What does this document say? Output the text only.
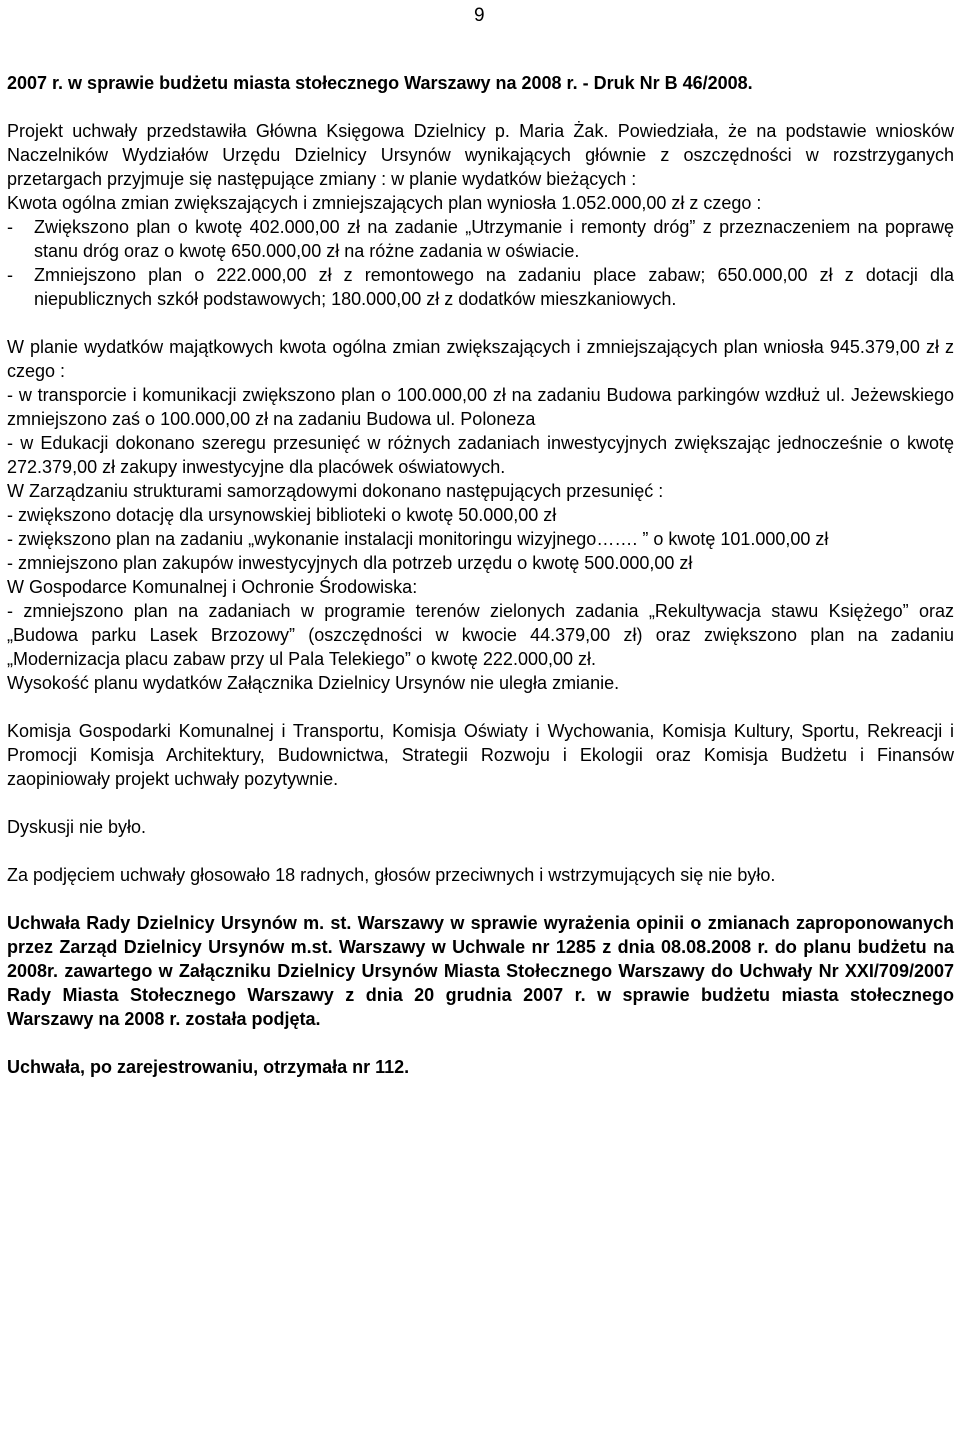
9

2007 r. w sprawie budżetu miasta stołecznego Warszawy na 2008 r. - Druk Nr B 46/2008.

Projekt uchwały przedstawiła Główna Księgowa Dzielnicy p. Maria Żak. Powiedziała, że na podstawie wniosków Naczelników Wydziałów Urzędu Dzielnicy Ursynów wynikających głównie z oszczędności w rozstrzyganych przetargach przyjmuje się następujące zmiany : w planie wydatków bieżących :

Kwota ogólna zmian zwiększających i zmniejszających plan wyniosła 1.052.000,00 zł z czego :

-	Zwiększono plan o kwotę 402.000,00 zł na zadanie „Utrzymanie i remonty dróg” z przeznaczeniem na poprawę stanu dróg oraz o kwotę 650.000,00 zł na różne zadania w oświacie.
-	Zmniejszono plan o 222.000,00 zł z remontowego na zadaniu place zabaw; 650.000,00 zł z dotacji dla niepublicznych szkół podstawowych; 180.000,00 zł z dodatków mieszkaniowych.

W planie wydatków majątkowych kwota ogólna zmian zwiększających i zmniejszających plan wniosła 945.379,00 zł z czego :

- w transporcie i komunikacji zwiększono plan o 100.000,00 zł na zadaniu Budowa parkingów wzdłuż ul. Jeżewskiego zmniejszono zaś o 100.000,00 zł na zadaniu Budowa ul. Poloneza

- w Edukacji dokonano szeregu przesunięć w różnych zadaniach inwestycyjnych zwiększając jednocześnie o kwotę 272.379,00 zł zakupy inwestycyjne dla placówek oświatowych.

W Zarządzaniu strukturami samorządowymi dokonano następujących przesunięć :

- zwiększono dotację dla ursynowskiej biblioteki o kwotę 50.000,00 zł

- zwiększono plan na zadaniu „wykonanie instalacji monitoringu wizyjnego……. ” o kwotę 101.000,00 zł

- zmniejszono plan zakupów inwestycyjnych dla potrzeb urzędu o kwotę 500.000,00 zł

W Gospodarce Komunalnej i Ochronie Środowiska:

- zmniejszono plan na zadaniach w programie terenów zielonych zadania „Rekultywacja stawu Księżego” oraz „Budowa parku Lasek Brzozowy” (oszczędności w kwocie 44.379,00 zł) oraz zwiększono plan na zadaniu „Modernizacja placu zabaw przy ul Pala Telekiego” o kwotę 222.000,00 zł.

Wysokość planu wydatków Załącznika Dzielnicy Ursynów nie uległa zmianie.

Komisja Gospodarki Komunalnej i Transportu, Komisja Oświaty i Wychowania, Komisja Kultury, Sportu, Rekreacji i Promocji Komisja Architektury, Budownictwa, Strategii Rozwoju i Ekologii oraz Komisja Budżetu i Finansów zaopiniowały projekt uchwały pozytywnie.

Dyskusji nie było.

Za podjęciem uchwały głosowało 18 radnych, głosów przeciwnych i wstrzymujących się nie było.

Uchwała Rady Dzielnicy Ursynów m. st. Warszawy w sprawie wyrażenia opinii o zmianach zaproponowanych przez Zarząd Dzielnicy Ursynów m.st. Warszawy w Uchwale nr 1285 z dnia 08.08.2008 r. do planu budżetu na 2008r. zawartego w Załączniku Dzielnicy Ursynów Miasta Stołecznego Warszawy do Uchwały Nr XXI/709/2007 Rady Miasta Stołecznego Warszawy z dnia 20 grudnia 2007 r. w sprawie budżetu miasta stołecznego Warszawy na 2008 r. została podjęta.

Uchwała, po zarejestrowaniu, otrzymała nr 112.
